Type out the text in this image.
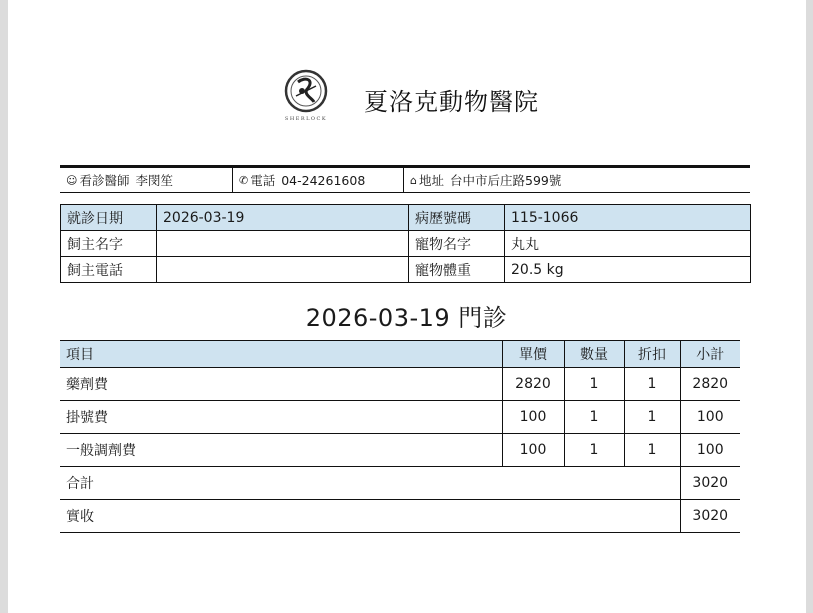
SHERLOCK
夏洛克動物醫院
☺ 看診醫師 李閔笙	✆ 電話 04-24261608	⌂ 地址 台中市后庄路599號
就診日期	2026-03-19	病歷號碼	115-1066
飼主名字		寵物名字	丸丸
飼主電話		寵物體重	20.5 kg
2026-03-19 門診
項目	單價	數量	折扣	小計
藥劑費	2820	1	1	2820
掛號費	100	1	1	100
一般調劑費	100	1	1	100
合計				3020
實收				3020
